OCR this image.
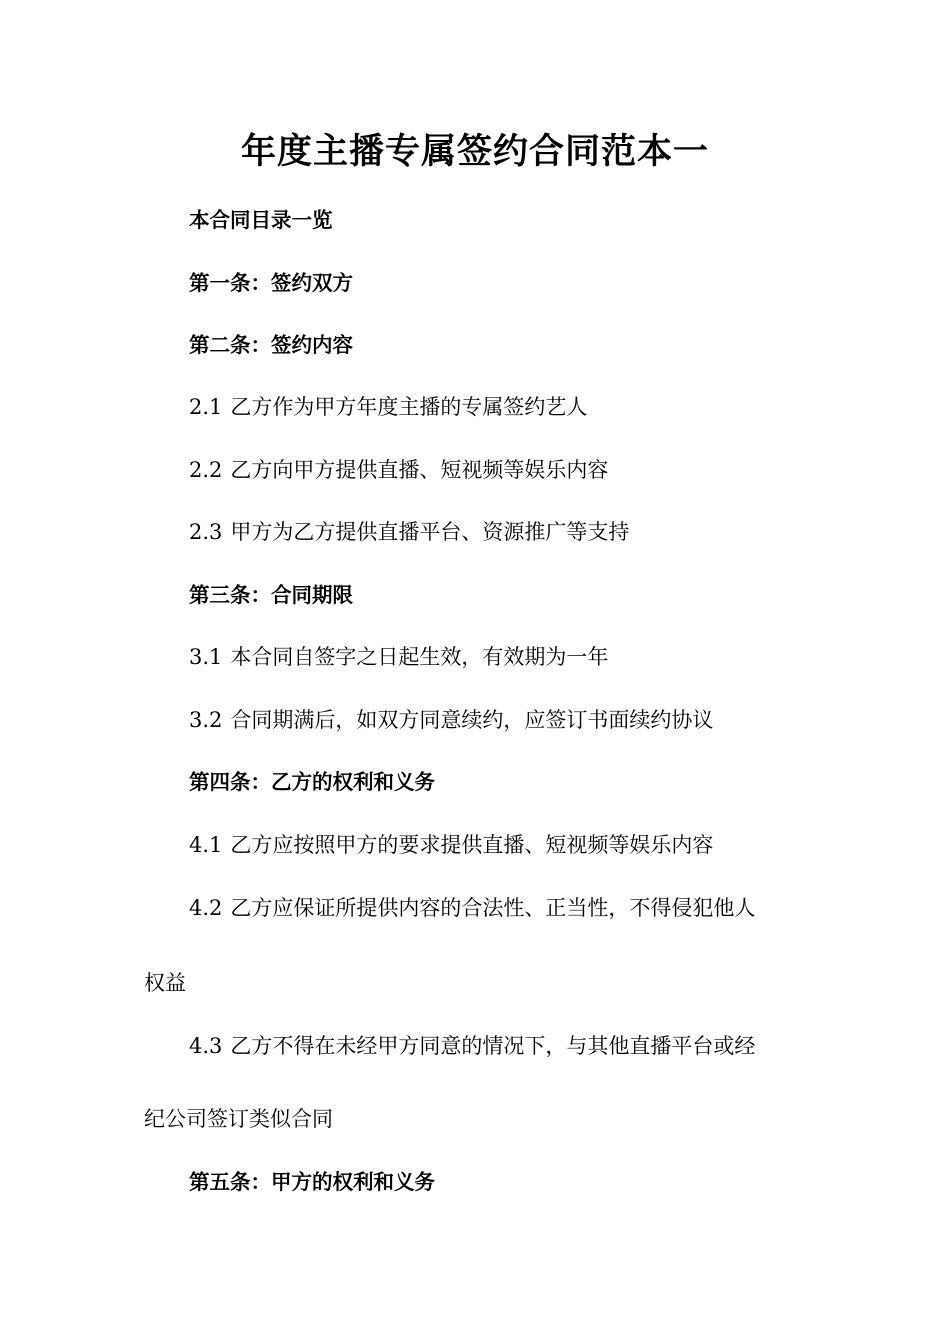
年度主播专属签约合同范本一
本合同目录一览
第一条：签约双方
第二条：签约内容
2.1 乙方作为甲方年度主播的专属签约艺人
2.2 乙方向甲方提供直播、短视频等娱乐内容
2.3 甲方为乙方提供直播平台、资源推广等支持
第三条：合同期限
3.1 本合同自签字之日起生效，有效期为一年
3.2 合同期满后，如双方同意续约，应签订书面续约协议
第四条：乙方的权利和义务
4.1 乙方应按照甲方的要求提供直播、短视频等娱乐内容
4.2 乙方应保证所提供内容的合法性、正当性，不得侵犯他人
权益
4.3 乙方不得在未经甲方同意的情况下，与其他直播平台或经
纪公司签订类似合同
第五条：甲方的权利和义务
